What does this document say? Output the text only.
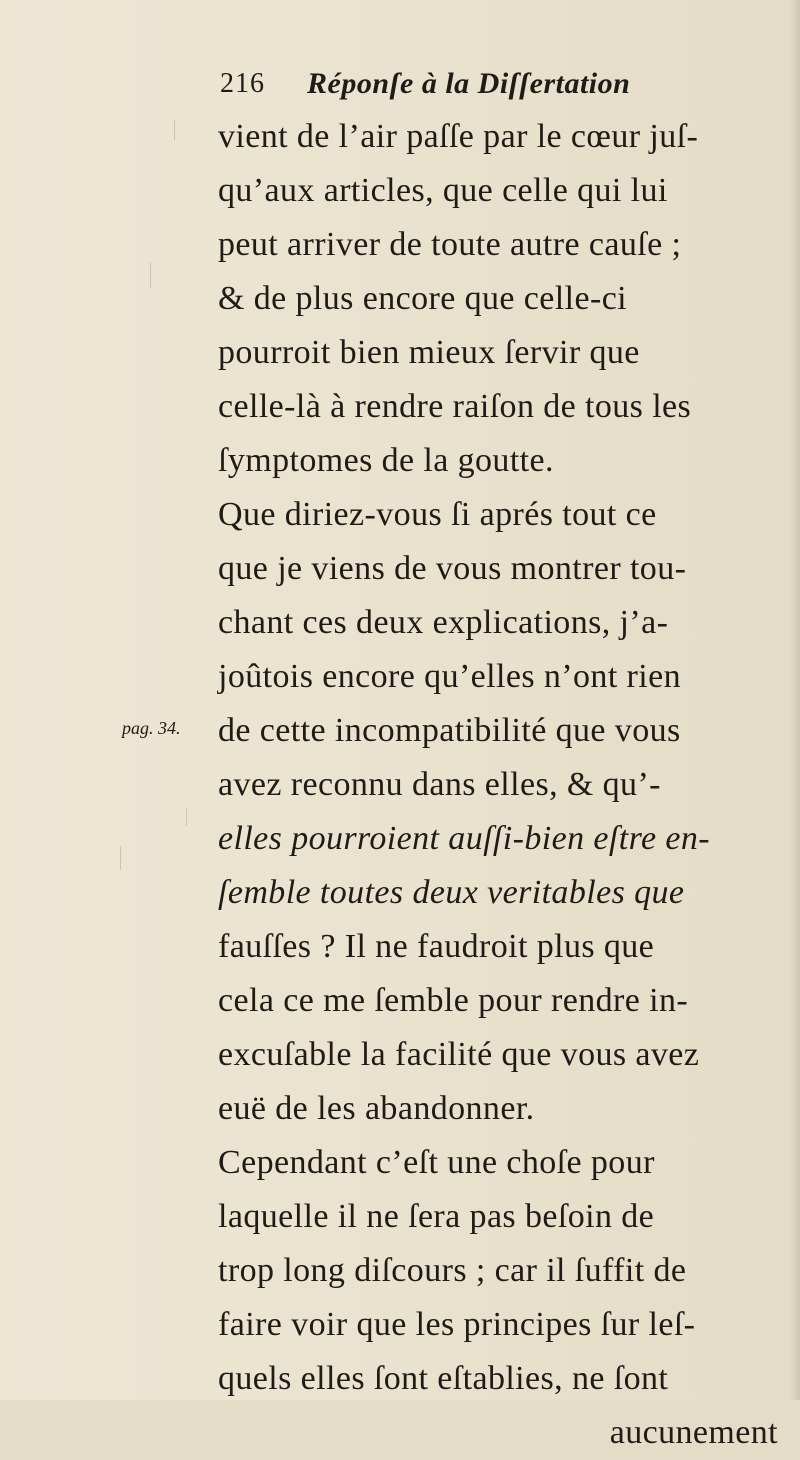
216 Réponſe à la Diſſertation
pag. 34.
vient de l’air paſſe par le cœur juſ-
qu’aux articles, que celle qui lui
peut arriver de toute autre cauſe ;
& de plus encore que celle-ci
pourroit bien mieux ſervir que
celle-là à rendre raiſon de tous les
ſymptomes de la goutte.
Que diriez-vous ſi aprés tout ce
que je viens de vous montrer tou-
chant ces deux explications, j’a-
joûtois encore qu’elles n’ont rien
de cette incompatibilité que vous
avez reconnu dans elles, & qu’-
elles pourroient auſſi-bien eſtre en-
ſemble toutes deux veritables que
fauſſes ? Il ne faudroit plus que
cela ce me ſemble pour rendre in-
excuſable la facilité que vous avez
euë de les abandonner.
Cependant c’eſt une choſe pour
laquelle il ne ſera pas beſoin de
trop long diſcours ; car il ſuffit de
faire voir que les principes ſur leſ-
quels elles ſont eſtablies, ne ſont
aucunement
